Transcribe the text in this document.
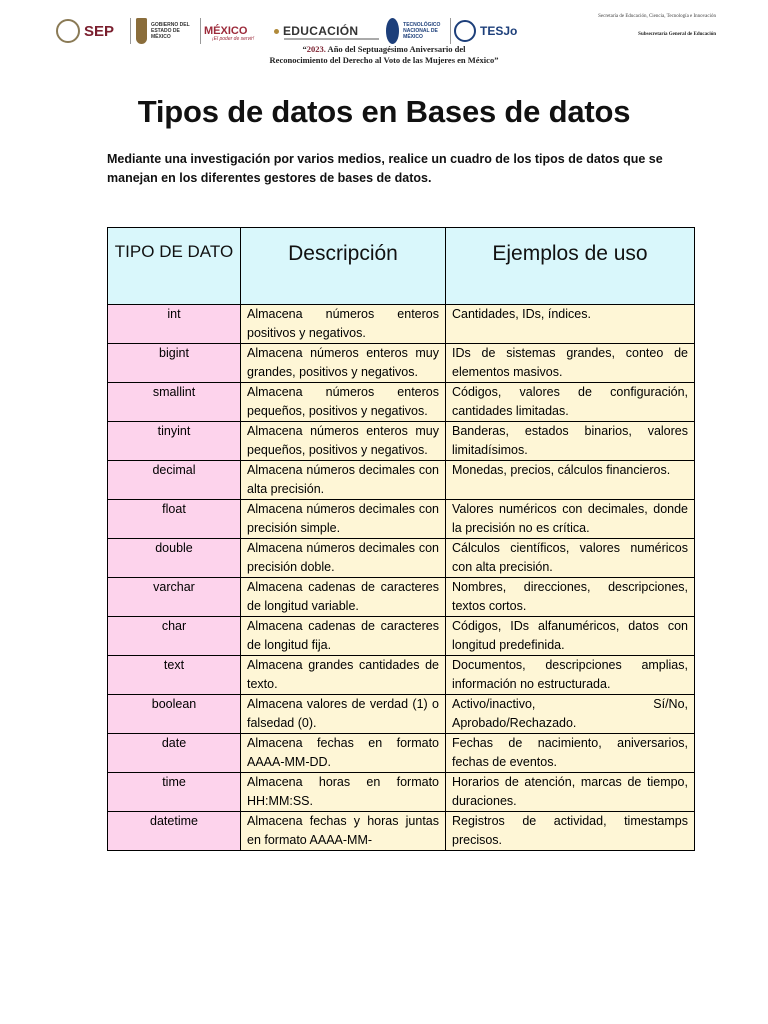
SEP	GOBIERNO DEL ESTADO DE MÉXICO
MÉXICO
¡El poder de servir!
EDUCACIÓN	TECNOLÓGICO NACIONAL DE MÉXICO	TESJo
Secretaría de Educación, Ciencia, Tecnología e Innovación
Subsecretaría General de Educación
“2023. Año del Septuagésimo Aniversario del
Reconocimiento del Derecho al Voto de las Mujeres en México”
Tipos de datos en Bases de datos
Mediante una investigación por varios medios, realice un cuadro de los tipos de datos que se manejan en los diferentes gestores de bases de datos.
TIPO DE DATO	Descripción	Ejemplos de uso

int	Almacena números enteros positivos y negativos.	Cantidades, IDs, índices.
bigint	Almacena números enteros muy grandes, positivos y negativos.	IDs de sistemas grandes, conteo de elementos masivos.
smallint	Almacena números enteros pequeños, positivos y negativos.	Códigos, valores de configuración, cantidades limitadas.
tinyint	Almacena números enteros muy pequeños, positivos y negativos.	Banderas, estados binarios, valores limitadísimos.
decimal	Almacena números decimales con alta precisión.	Monedas, precios, cálculos financieros.
float	Almacena números decimales con precisión simple.	Valores numéricos con decimales, donde la precisión no es crítica.
double	Almacena números decimales con precisión doble.	Cálculos científicos, valores numéricos con alta precisión.
varchar	Almacena cadenas de caracteres de longitud variable.	Nombres, direcciones, descripciones, textos cortos.
char	Almacena cadenas de caracteres de longitud fija.	Códigos, IDs alfanuméricos, datos con longitud predefinida.
text	Almacena grandes cantidades de texto.	Documentos, descripciones amplias, información no estructurada.
boolean	Almacena valores de verdad (1) o falsedad (0).	Activo/inactivo, Sí/No, Aprobado/Rechazado.
date	Almacena fechas en formato AAAA-MM-DD.	Fechas de nacimiento, aniversarios, fechas de eventos.
time	Almacena horas en formato HH:MM:SS.	Horarios de atención, marcas de tiempo, duraciones.
datetime	Almacena fechas y horas juntas en formato AAAA-MM-	Registros de actividad, timestamps precisos.
